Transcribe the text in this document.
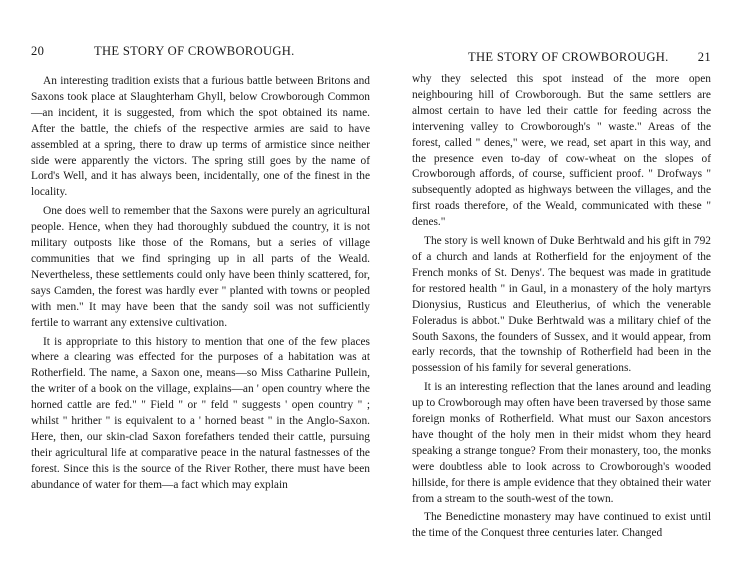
20	THE STORY OF CROWBOROUGH.

An interesting tradition exists that a furious battle between Britons and Saxons took place at Slaughterham Ghyll, below Crowborough Common—an incident, it is suggested, from which the spot obtained its name. After the battle, the chiefs of the respective armies are said to have assembled at a spring, there to draw up terms of armistice since neither side were apparently the victors. The spring still goes by the name of Lord's Well, and it has always been, incidentally, one of the finest in the locality.

One does well to remember that the Saxons were purely an agricultural people. Hence, when they had thoroughly subdued the country, it is not military outposts like those of the Romans, but a series of village communities that we find springing up in all parts of the Weald. Nevertheless, these settlements could only have been thinly scattered, for, says Camden, the forest was hardly ever " planted with towns or peopled with men." It may have been that the sandy soil was not sufficiently fertile to warrant any extensive cultivation.

It is appropriate to this history to mention that one of the few places where a clearing was effected for the purposes of a habitation was at Rotherfield. The name, a Saxon one, means—so Miss Catharine Pullein, the writer of a book on the village, explains—an ' open country where the horned cattle are fed." " Field " or " feld " suggests ' open country " ; whilst " hrither " is equivalent to a ' horned beast " in the Anglo-Saxon. Here, then, our skin-clad Saxon forefathers tended their cattle, pursuing their agricultural life at comparative peace in the natural fastnesses of the forest. Since this is the source of the River Rother, there must have been abundance of water for them—a fact which may explain

THE STORY OF CROWBOROUGH. 21

why they selected this spot instead of the more open neighbouring hill of Crowborough. But the same settlers are almost certain to have led their cattle for feeding across the intervening valley to Crowborough's " waste." Areas of the forest, called " denes," were, we read, set apart in this way, and the presence even to-day of cow-wheat on the slopes of Crowborough affords, of course, sufficient proof. " Drofways " subsequently adopted as highways between the villages, and the first roads therefore, of the Weald, communicated with these " denes."

The story is well known of Duke Berhtwald and his gift in 792 of a church and lands at Rotherfield for the enjoyment of the French monks of St. Denys'. The bequest was made in gratitude for restored health " in Gaul, in a monastery of the holy martyrs Dionysius, Rusticus and Eleutherius, of which the venerable Foleradus is abbot." Duke Berhtwald was a military chief of the South Saxons, the founders of Sussex, and it would appear, from early records, that the township of Rotherfield had been in the possession of his family for several generations.

It is an interesting reflection that the lanes around and leading up to Crowborough may often have been traversed by those same foreign monks of Rotherfield. What must our Saxon ancestors have thought of the holy men in their midst whom they heard speaking a strange tongue? From their monastery, too, the monks were doubtless able to look across to Crowborough's wooded hillside, for there is ample evidence that they obtained their water from a stream to the south-west of the town.

The Benedictine monastery may have continued to exist until the time of the Conquest three centuries later. Changed
